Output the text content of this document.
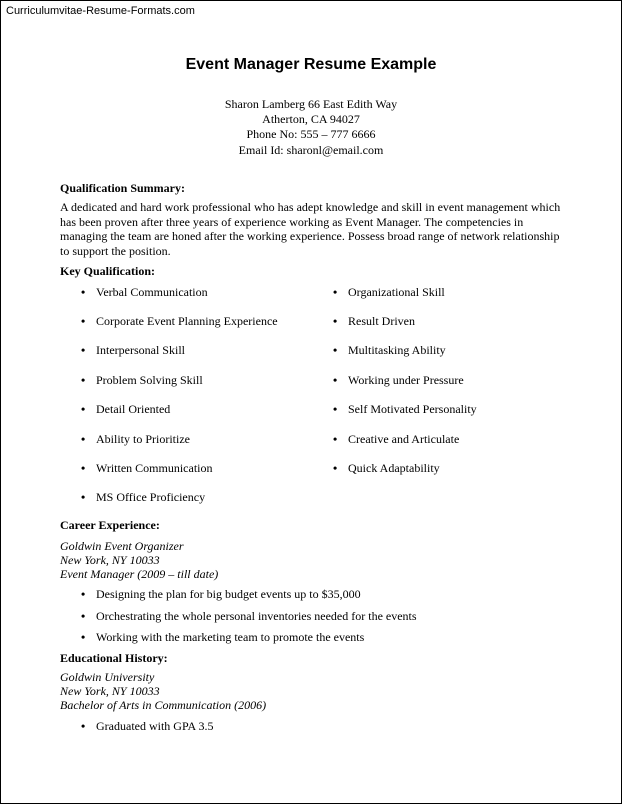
Curriculumvitae-Resume-Formats.com
Event Manager Resume Example
Sharon Lamberg 66 East Edith Way
Atherton, CA 94027
Phone No: 555 – 777 6666
Email Id: sharonl@email.com
Qualification Summary:
A dedicated and hard work professional who has adept knowledge and skill in event management which has been proven after three years of experience working as Event Manager. The competencies in managing the team are honed after the working experience. Possess broad range of network relationship to support the position.
Key Qualification:
• Verbal Communication
• Corporate Event Planning Experience
• Interpersonal Skill
• Problem Solving Skill
• Detail Oriented
• Ability to Prioritize
• Written Communication
• MS Office Proficiency
• Organizational Skill
• Result Driven
• Multitasking Ability
• Working under Pressure
• Self Motivated Personality
• Creative and Articulate
• Quick Adaptability
Career Experience:
Goldwin Event Organizer
New York, NY 10033
Event Manager (2009 – till date)
• Designing the plan for big budget events up to $35,000
• Orchestrating the whole personal inventories needed for the events
• Working with the marketing team to promote the events
Educational History:
Goldwin University
New York, NY 10033
Bachelor of Arts in Communication (2006)
• Graduated with GPA 3.5
